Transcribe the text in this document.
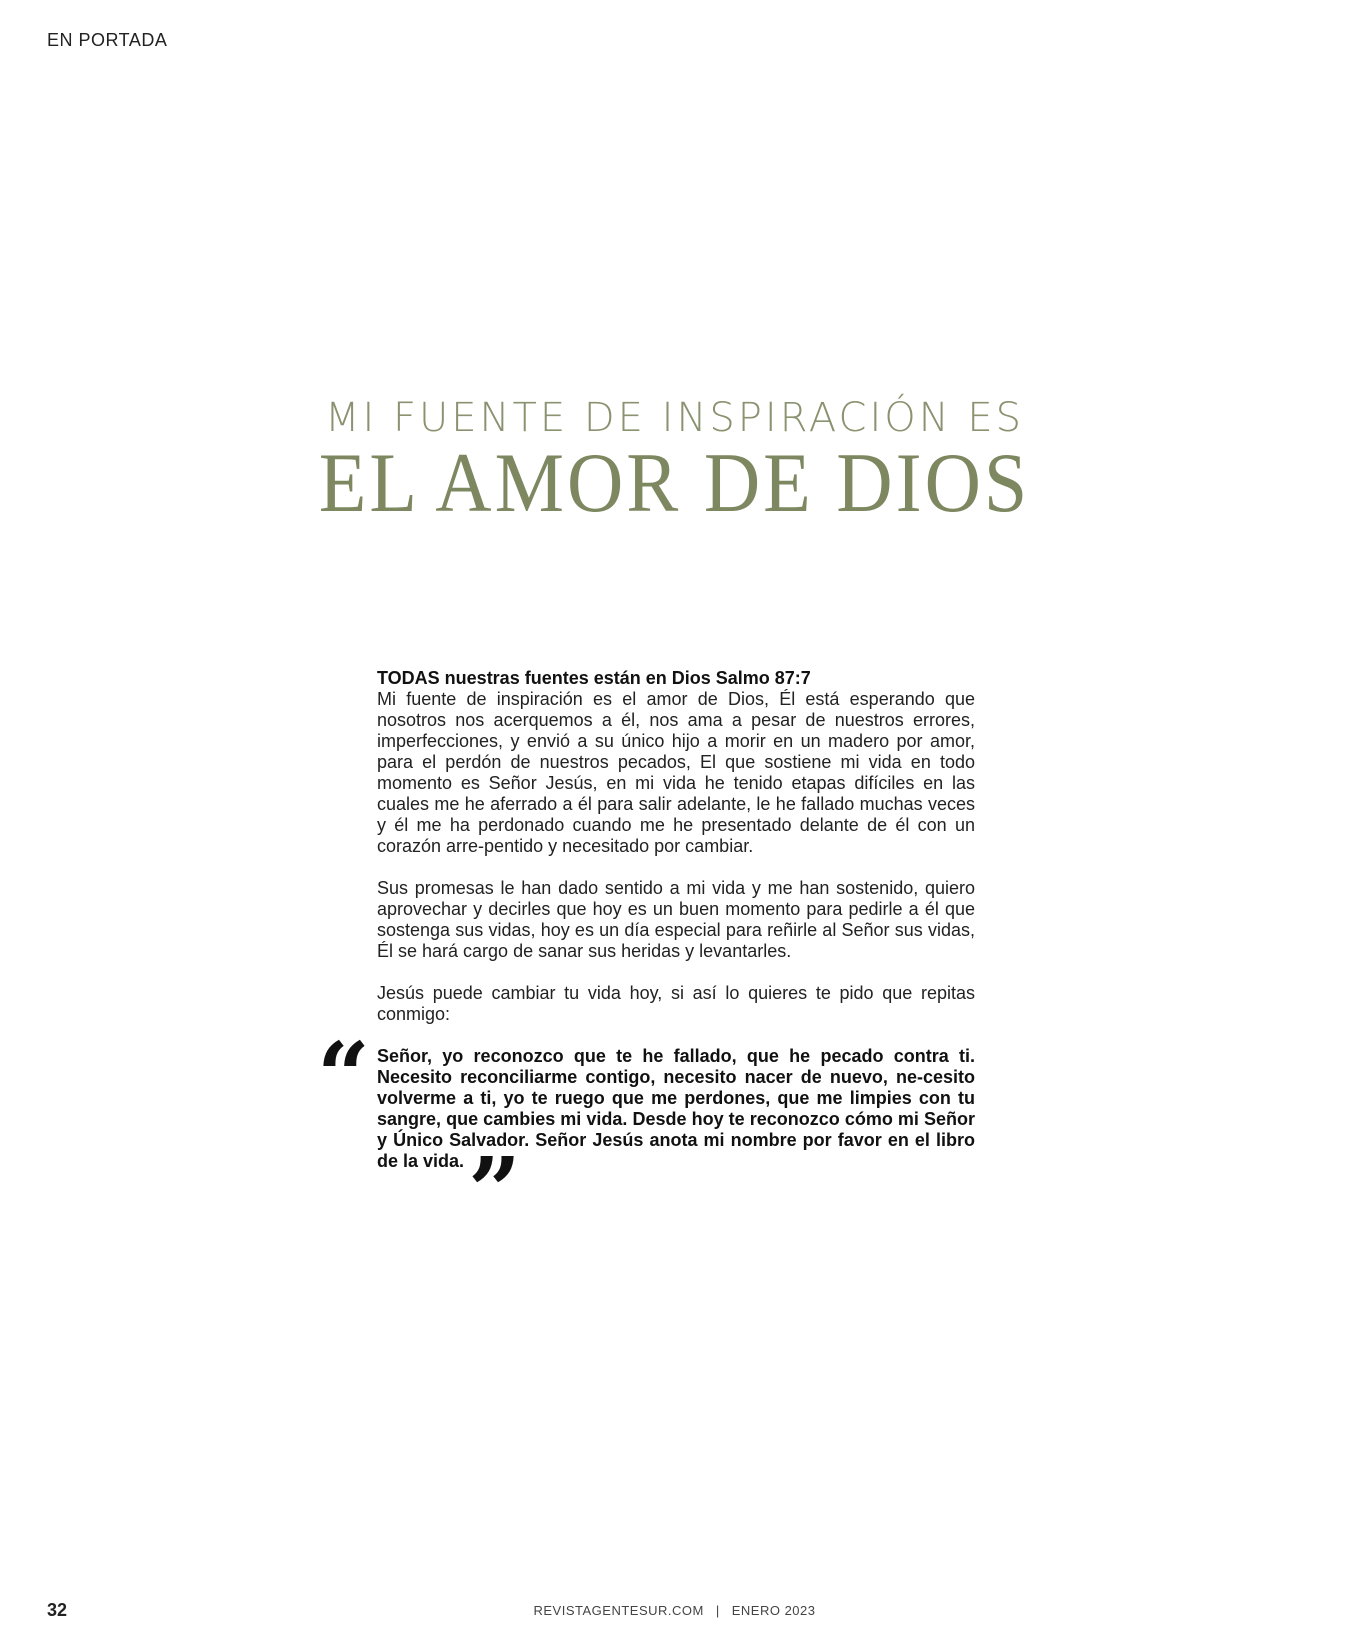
EN PORTADA
MI FUENTE DE INSPIRACIÓN ES
EL AMOR DE DIOS

TODAS nuestras fuentes están en Dios Salmo 87:7

Mi fuente de inspiración es el amor de Dios, Él está esperando que nosotros nos acerquemos a él, nos ama a pesar de nuestros errores, imperfecciones, y envió a su único hijo a morir en un madero por amor, para el perdón de nuestros pecados, El que sostiene mi vida en todo momento es Señor Jesús, en mi vida he tenido etapas difíciles en las cuales me he aferrado a él para salir adelante, le he fallado muchas veces y él me ha perdonado cuando me he presentado delante de él con un corazón arre-pentido y necesitado por cambiar.

Sus promesas le han dado sentido a mi vida y me han sostenido, quiero aprovechar y decirles que hoy es un buen momento para pedirle a él que sostenga sus vidas, hoy es un día especial para reñirle al Señor sus vidas, Él se hará cargo de sanar sus heridas y levantarles.

Jesús puede cambiar tu vida hoy, si así lo quieres te pido que repitas conmigo:

“ Señor, yo reconozco que te he fallado, que he pecado contra ti. Necesito reconciliarme contigo, necesito nacer de nuevo, ne-cesito volverme a ti, yo te ruego que me perdones, que me limpies con tu sangre, que cambies mi vida. Desde hoy te reconozco cómo mi Señor y Único Salvador. Señor Jesús anota mi nombre por favor en el libro de la vida.”

32	REVISTAGENTESUR.COM | ENERO 2023
